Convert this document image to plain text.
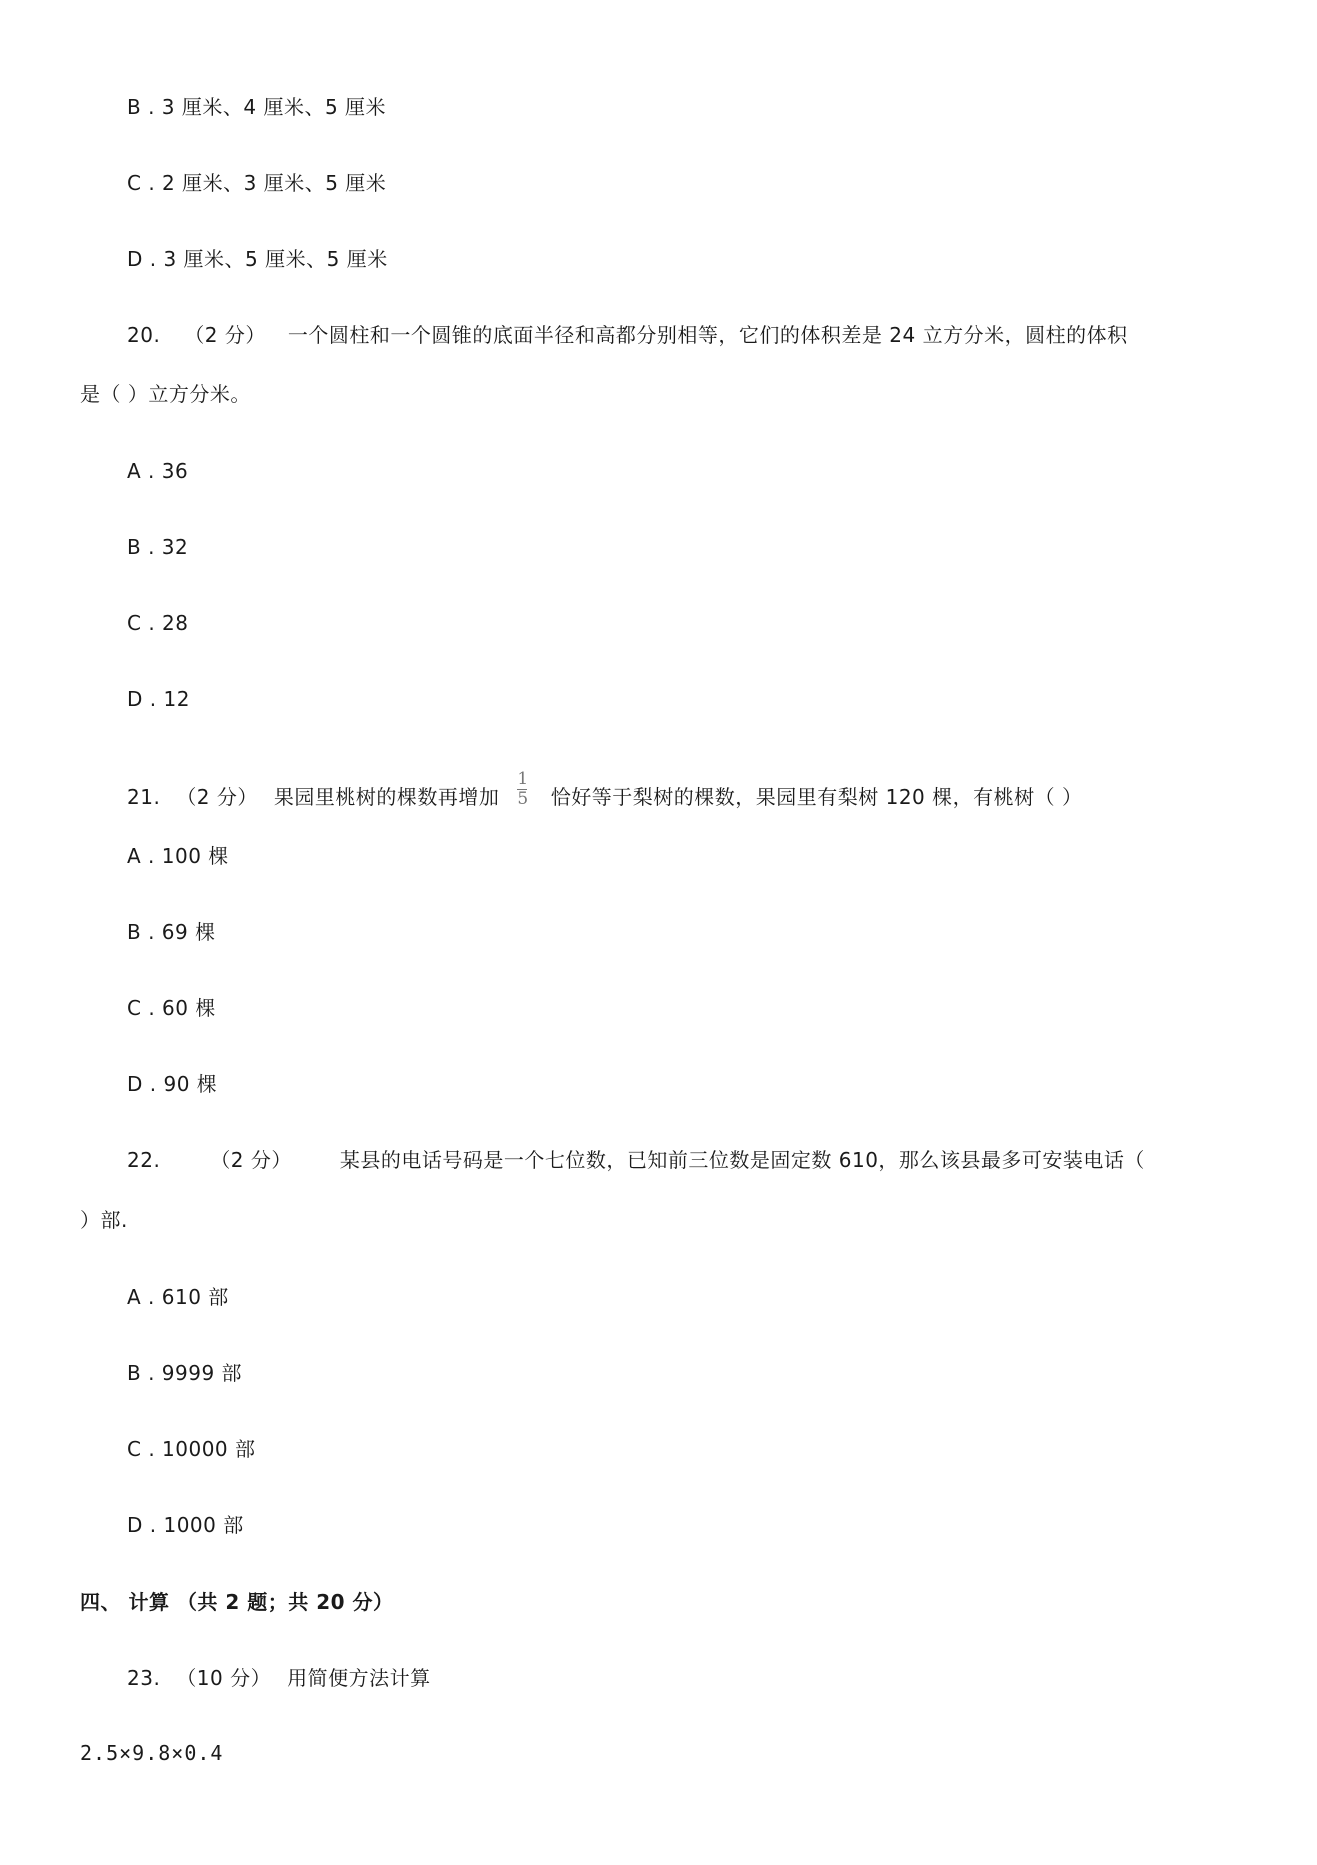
B . 3 厘米、4 厘米、5 厘米
C . 2 厘米、3 厘米、5 厘米
D . 3 厘米、5 厘米、5 厘米
20. （2 分） 一个圆柱和一个圆锥的底面半径和高都分别相等，它们的体积差是 24 立方分米，圆柱的体积
是（ ）立方分米。
A . 36
B . 32
C . 28
D . 12
21. （2 分） 果园里桃树的棵数再增加 $\frac{1}{5}$ 恰好等于梨树的棵数，果园里有梨树 120 棵，有桃树（ ）
A . 100 棵
B . 69 棵
C . 60 棵
D . 90 棵
22.	（2 分） 某县的电话号码是一个七位数，已知前三位数是固定数 610，那么该县最多可安装电话（
）部.
A . 610 部
B . 9999 部
C . 10000 部
D . 1000 部
四、 计算 （共 2 题；共 20 分）
23. （10 分） 用简便方法计算
2.5×9.8×0.4
